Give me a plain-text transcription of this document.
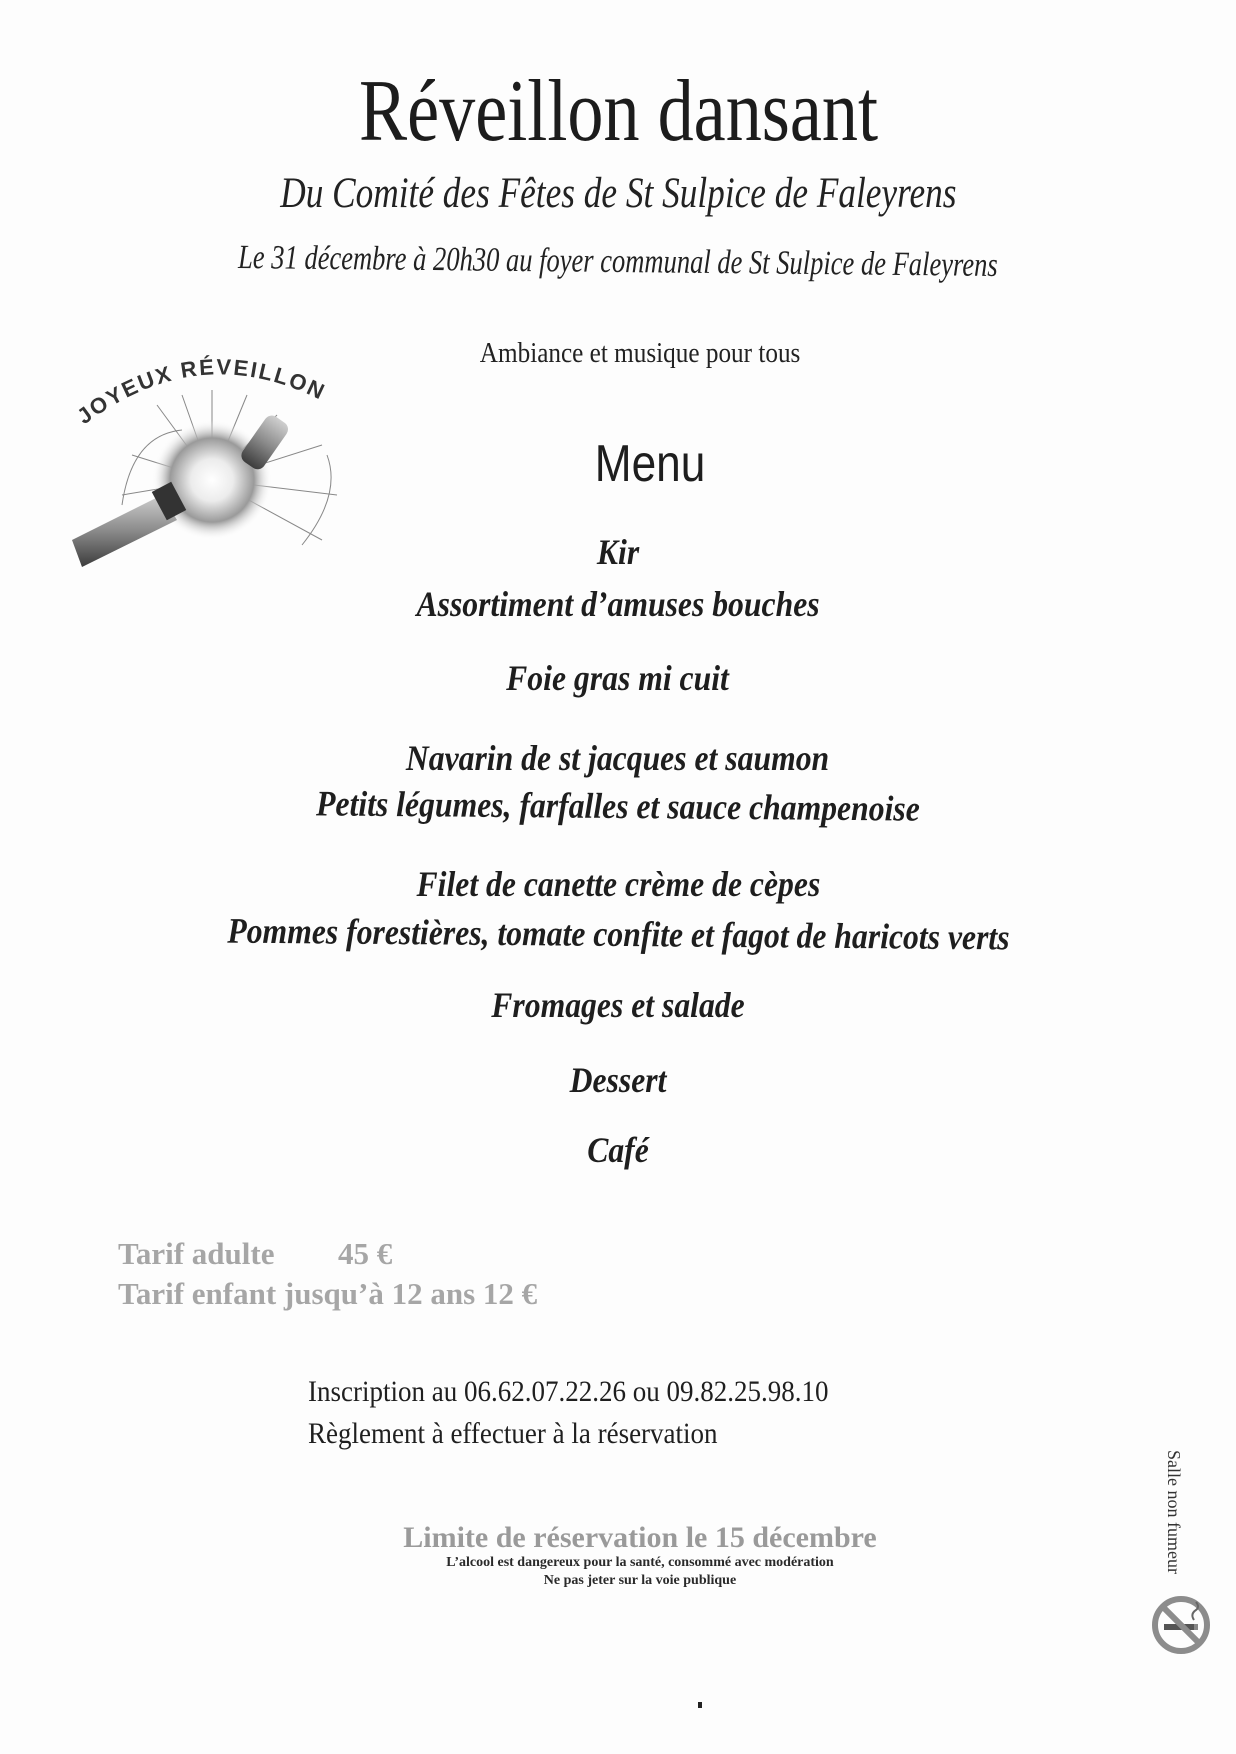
Réveillon dansant
Du Comité des Fêtes de St Sulpice de Faleyrens
Le 31 décembre à 20h30 au foyer communal de St Sulpice de Faleyrens
Ambiance et musique pour tous
JOYEUX RÉVEILLON
Menu
Kir
Assortiment d’amuses bouches
Foie gras mi cuit
Navarin de st jacques et saumon
Petits légumes, farfalles et sauce champenoise
Filet de canette crème de cèpes
Pommes forestières, tomate confite et fagot de haricots verts
Fromages et salade
Dessert
Café
Tarif adulte 45 €
Tarif enfant jusqu’à 12 ans 12 €
Inscription au 06.62.07.22.26 ou 09.82.25.98.10
Règlement à effectuer à la réservation
Limite de réservation le 15 décembre
L’alcool est dangereux pour la santé, consommé avec modération
Ne pas jeter sur la voie publique
Salle non fumeur
